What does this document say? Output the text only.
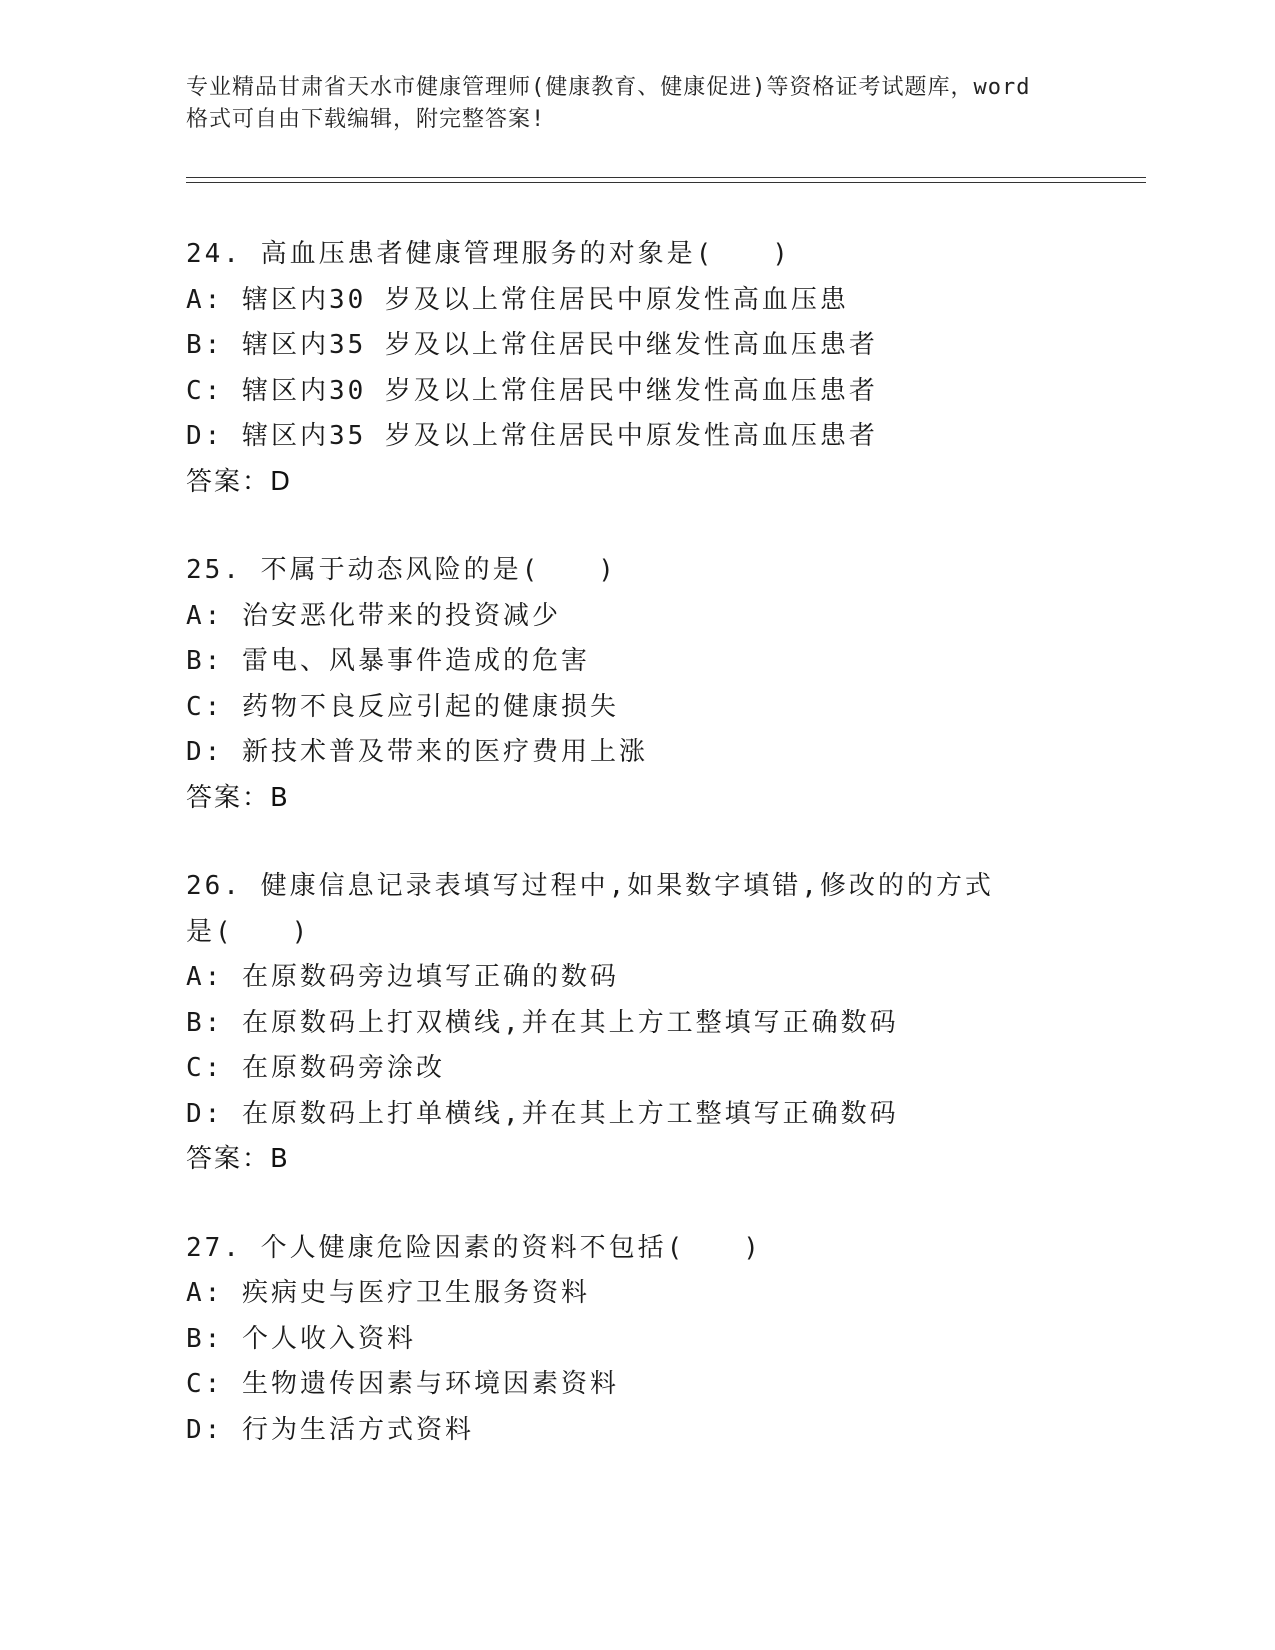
专业精品甘肃省天水市健康管理师(健康教育、健康促进)等资格证考试题库，word
格式可自由下载编辑，附完整答案!
24. 高血压患者健康管理服务的对象是(　　)
A: 辖区内30 岁及以上常住居民中原发性高血压患
B: 辖区内35 岁及以上常住居民中继发性高血压患者
C: 辖区内30 岁及以上常住居民中继发性高血压患者
D: 辖区内35 岁及以上常住居民中原发性高血压患者
答案：D
25. 不属于动态风险的是(　　)
A: 治安恶化带来的投资减少
B: 雷电、风暴事件造成的危害
C: 药物不良反应引起的健康损失
D: 新技术普及带来的医疗费用上涨
答案：B
26. 健康信息记录表填写过程中,如果数字填错,修改的的方式是(　　)
A: 在原数码旁边填写正确的数码
B: 在原数码上打双横线,并在其上方工整填写正确数码
C: 在原数码旁涂改
D: 在原数码上打单横线,并在其上方工整填写正确数码
答案：B
27. 个人健康危险因素的资料不包括(　　)
A: 疾病史与医疗卫生服务资料
B: 个人收入资料
C: 生物遗传因素与环境因素资料
D: 行为生活方式资料
